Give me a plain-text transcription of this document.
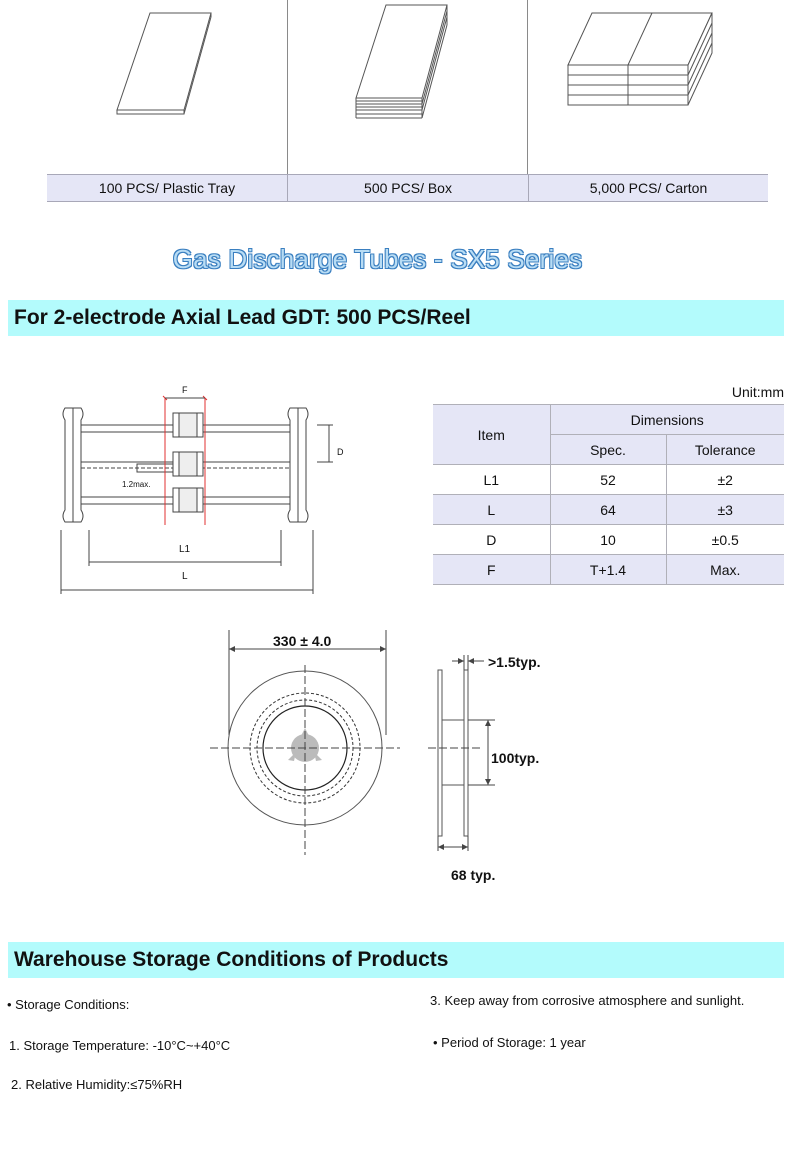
100 PCS/ Plastic Tray	500 PCS/ Box	5,000 PCS/ Carton
Gas Discharge Tubes - SX5 Series
For 2-electrode Axial Lead GDT: 500 PCS/Reel
F
D
1.2max.
L1
L
Unit:mm
Item	Dimensions	
	Spec.	Tolerance
L1	52	±2
L	64	±3
D	10	±0.5
F	T+1.4	Max.
330 ± 4.0
>1.5typ.
100typ.
68 typ.
Warehouse Storage Conditions of Products
• Storage Conditions:
1. Storage Temperature: -10°C~+40°C
2. Relative Humidity:≤75%RH
3. Keep away from corrosive atmosphere and sunlight.
• Period of Storage: 1 year
